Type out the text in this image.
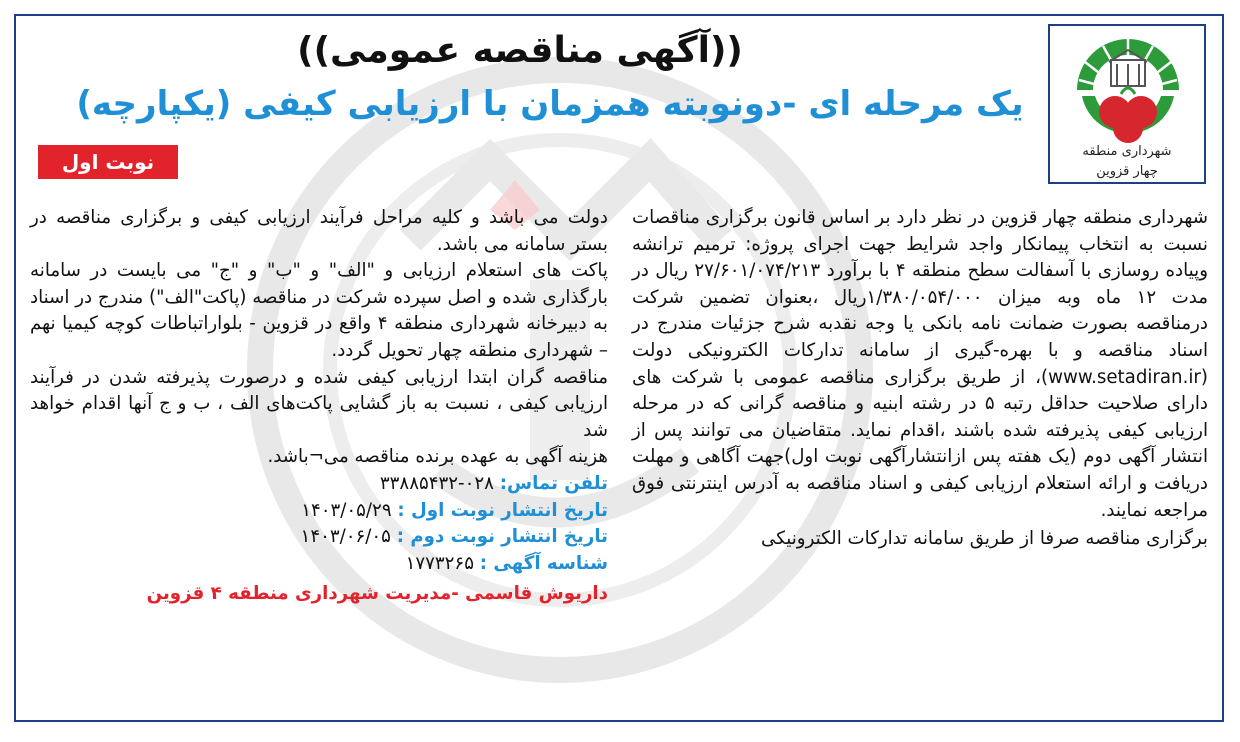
شهرداری منطقه
چهار قزوین
((آگهی مناقصه عمومی))
یک مرحله ای -دونوبته همزمان با ارزیابی کیفی (یکپارچه)
نوبت اول

شهرداری منطقه چهار قزوین در نظر دارد بر اساس قانون برگزاری مناقصات نسبت به انتخاب پیمانکار واجد شرایط جهت اجرای پروژه: ترمیم ترانشه وپیاده روسازی با آسفالت سطح منطقه ۴ با برآورد ۲۷/۶۰۱/۰۷۴/۲۱۳ ریال در مدت ۱۲ ماه وبه میزان ۱/۳۸۰/۰۵۴/۰۰۰ریال ،بعنوان تضمین شرکت درمناقصه بصورت ضمانت نامه بانکی یا وجه نقدبه شرح جزئیات مندرج در اسناد مناقصه و با بهره-گیری از سامانه تدارکات الکترونیکی دولت (www.setadiran.ir)، از طریق برگزاری مناقصه عمومی با شرکت های دارای صلاحیت حداقل رتبه ۵ در رشته ابنیه و مناقصه گرانی که در مرحله ارزیابی کیفی پذیرفته شده باشند ،اقدام نماید. متقاضیان می توانند پس از انتشار آگهی دوم (یک هفته پس ازانتشارآگهی نوبت اول)جهت آگاهی و مهلت دریافت و ارائه استعلام ارزیابی کیفی و اسناد مناقصه به آدرس اینترنتی فوق مراجعه نمایند.

برگزاری مناقصه صرفا از طریق سامانه تدارکات الکترونیکی

دولت می باشد و کلیه مراحل فرآیند ارزیابی کیفی و برگزاری مناقصه در بستر سامانه می باشد.

پاکت های استعلام ارزیابی و "الف" و "ب" و "ج" می بایست در سامانه بارگذاری شده و اصل سپرده شرکت در مناقصه (پاکت"الف") مندرج در اسناد به دبیرخانه شهرداری منطقه ۴ واقع در قزوین - بلواراتباطات کوچه کیمیا نهم – شهرداری منطقه چهار تحویل گردد.

مناقصه گران ابتدا ارزیابی کیفی شده و درصورت پذیرفته شدن در فرآیند ارزیابی کیفی ، نسبت به باز گشایی پاکت‌های الف ، ب و ج آنها اقدام خواهد شد

هزینه آگهی به عهده برنده مناقصه می¬باشد.

تلفن تماس: ۰۲۸-۳۳۸۸۵۴۳۲

تاریخ انتشار نوبت اول : ۱۴۰۳/۰۵/۲۹

تاریخ انتشار نوبت دوم : ۱۴۰۳/۰۶/۰۵

شناسه آگهی : ۱۷۷۳۲۶۵

داریوش قاسمی -مدیریت شهرداری منطقه ۴ قزوین
